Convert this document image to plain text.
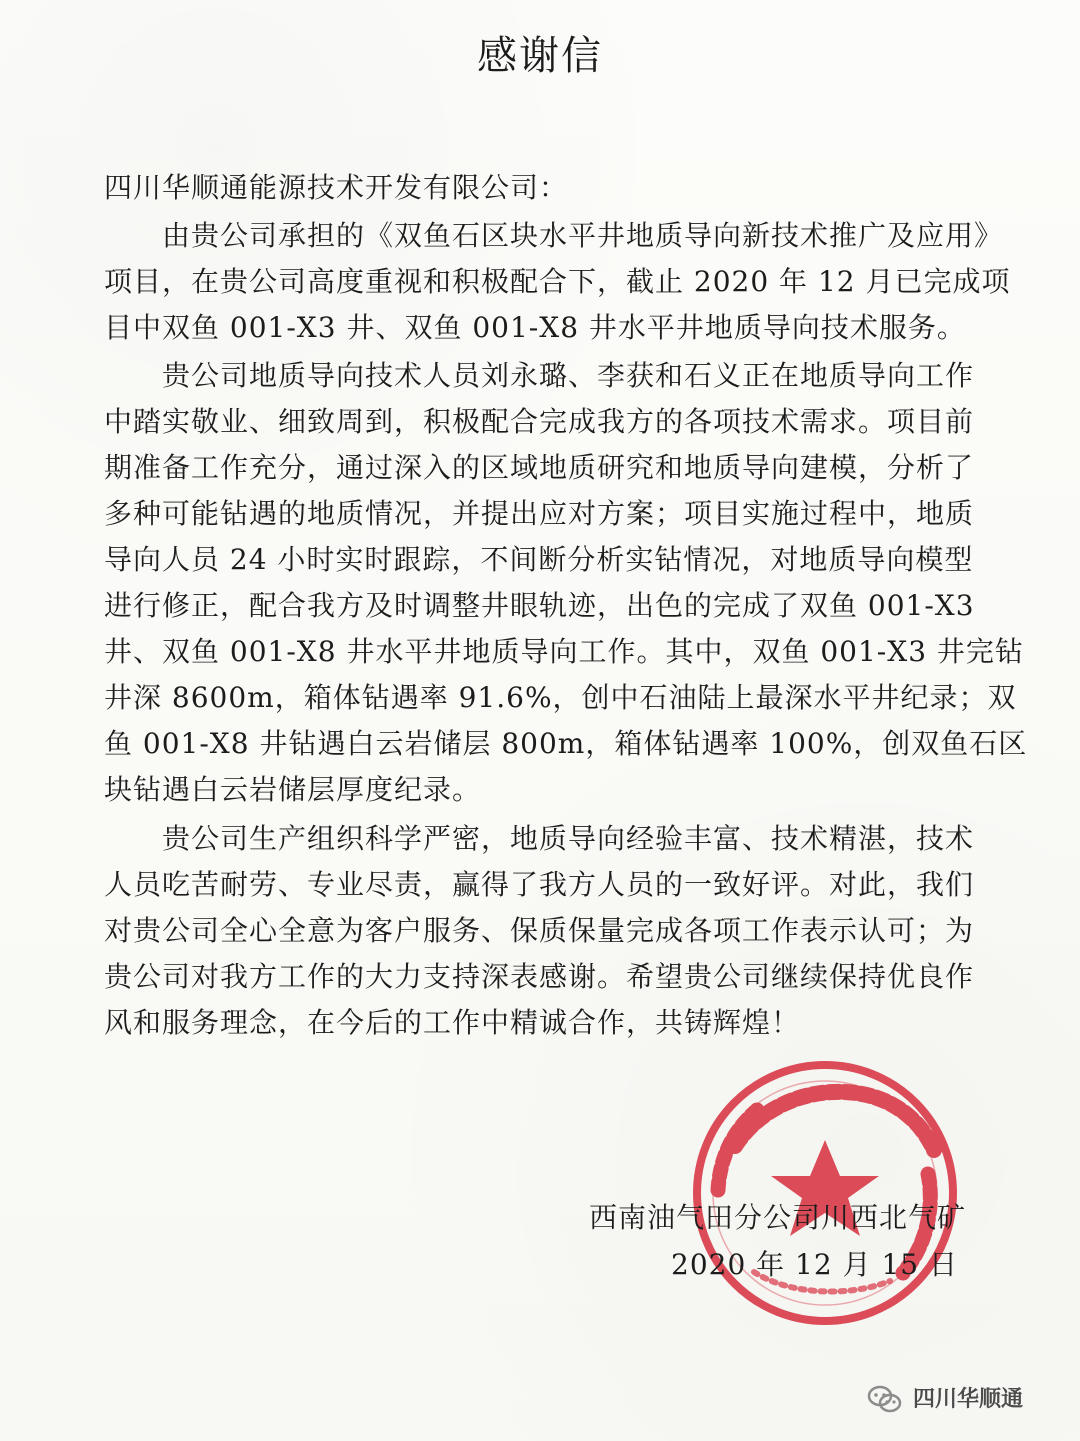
感谢信
四川华顺通能源技术开发有限公司：
　　由贵公司承担的《双鱼石区块水平井地质导向新技术推广及应用》
项目，在贵公司高度重视和积极配合下，截止 2020 年 12 月已完成项
目中双鱼 001-X3 井、双鱼 001-X8 井水平井地质导向技术服务。
　　贵公司地质导向技术人员刘永璐、李获和石义正在地质导向工作
中踏实敬业、细致周到，积极配合完成我方的各项技术需求。项目前
期准备工作充分，通过深入的区域地质研究和地质导向建模，分析了
多种可能钻遇的地质情况，并提出应对方案；项目实施过程中，地质
导向人员 24 小时实时跟踪，不间断分析实钻情况，对地质导向模型
进行修正，配合我方及时调整井眼轨迹，出色的完成了双鱼 001-X3
井、双鱼 001-X8 井水平井地质导向工作。其中，双鱼 001-X3 井完钻
井深 8600m，箱体钻遇率 91.6%，创中石油陆上最深水平井纪录；双
鱼 001-X8 井钻遇白云岩储层 800m，箱体钻遇率 100%，创双鱼石区
块钻遇白云岩储层厚度纪录。
　　贵公司生产组织科学严密，地质导向经验丰富、技术精湛，技术
人员吃苦耐劳、专业尽责，赢得了我方人员的一致好评。对此，我们
对贵公司全心全意为客户服务、保质保量完成各项工作表示认可；为
贵公司对我方工作的大力支持深表感谢。希望贵公司继续保持优良作
风和服务理念，在今后的工作中精诚合作，共铸辉煌！
西南油气田分公司川西北气矿
2020 年 12 月 15 日
四川华顺通
